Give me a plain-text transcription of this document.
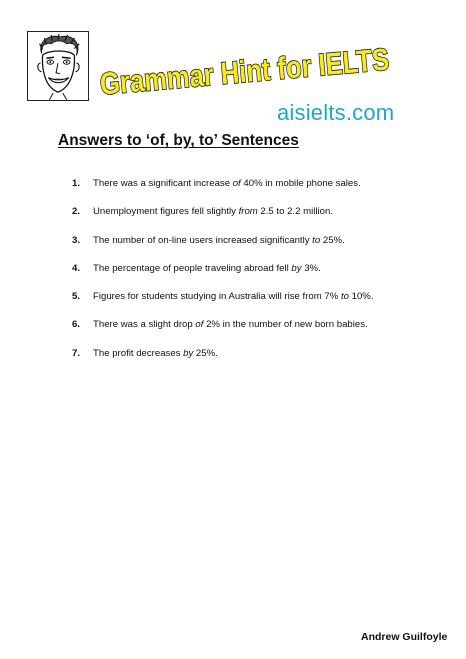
Grammar Hint for IELTS
aisielts.com
Answers to ‘of, by, to’ Sentences
1. There was a significant increase of 40% in mobile phone sales.
2. Unemployment figures fell slightly from 2.5 to 2.2 million.
3. The number of on-line users increased significantly to 25%.
4. The percentage of people traveling abroad fell by 3%.
5. Figures for students studying in Australia will rise from 7% to 10%.
6. There was a slight drop of 2% in the number of new born babies.
7. The profit decreases by 25%.
Andrew Guilfoyle
